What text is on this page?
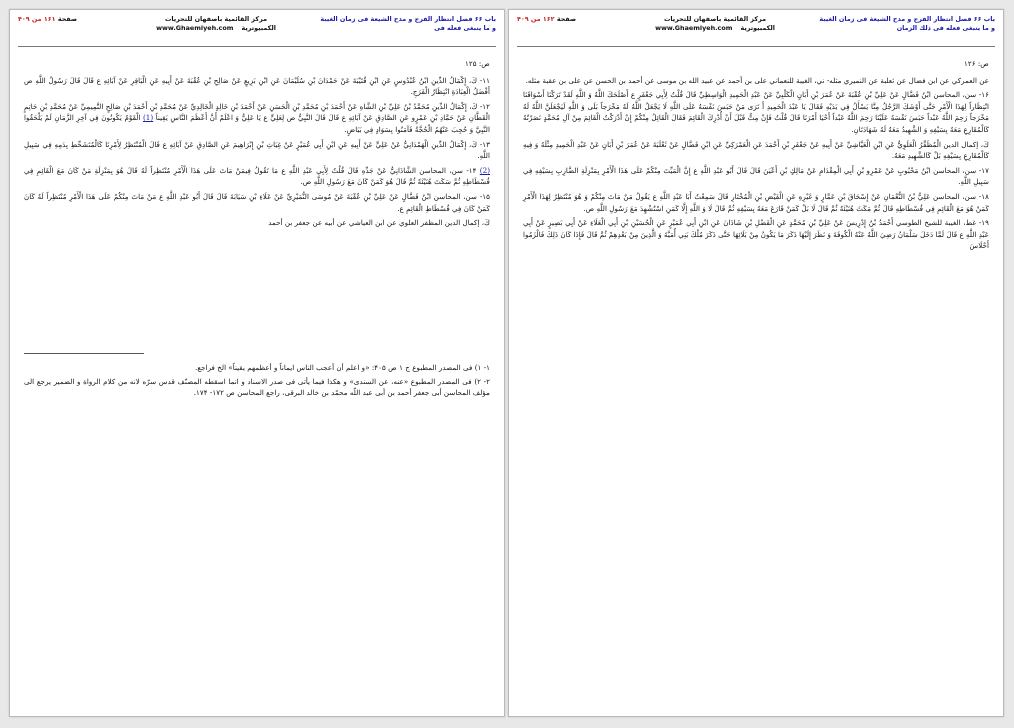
باب ۶۶ فصل انتظار الفرج و مدح الشيعة فى زمان الغيبة و ما ينبغى فعله فى
مركز القائمية باصفهان للتحريات
الكمبيوترية www.Ghaemiyeh.com
صفحة ۱۶۱ من ۴۰۹

ص: ۱۲۵

۱۱- كَ، إِكْمَالُ الدِّينِ ابْنُ عُبْدُوسٍ عَنِ ابْنِ قُتَيْبَةَ عَنْ حَمْدَانَ بْنِ سُلَيْمَانَ عَنِ ابْنِ بَزِيعٍ عَنْ صَالِحِ بْنِ عُقْبَةَ عَنْ أَبِيهِ عَنِ الْبَاقِرِ عَنْ آبَائِهِ ع قَالَ قَالَ رَسُولُ اللَّهِ ص أَفْضَلُ الْعِبَادَةِ انْتِظَارُ الْفَرَجِ.

۱۲- كَ، إِكْمَالُ الدِّينِ مُحَمَّدُ بْنُ عَلِيِّ بْنِ الشَّاهِ عَنْ أَحْمَدَ بْنِ مُحَمَّدِ بْنِ الْحَسَنِ عَنْ أَحْمَدَ بْنِ خَالِدٍ الْخَالِدِيِّ عَنْ مُحَمَّدِ بْنِ أَحْمَدَ بْنِ صَالِحٍ التَّمِيمِيِّ عَنْ مُحَمَّدِ بْنِ حَاتِمٍ الْقَطَّانِ عَنْ حَمَّادِ بْنِ عَمْرٍو عَنِ الصَّادِقِ عَنْ آبَائِهِ ع قَالَ قَالَ النَّبِيُّ ص لِعَلِيٍّ ع يَا عَلِيُّ وَ اعْلَمْ أَنَّ أَعْظَمَ النَّاسِ يَقِيناً (1) الْقَوْمُ يَكُونُونَ فِي آخِرِ الزَّمَانِ لَمْ يَلْحَقُوا النَّبِيَّ وَ حُجِبَ عَنْهُمُ الْحُجَّةُ فَآمَنُوا بِسَوَادٍ فِي بَيَاضٍ.

۱۳- كَ، إِكْمَالُ الدِّينِ الْهَمْدَانِيُّ عَنْ عَلِيٍّ عَنْ أَبِيهِ عَنِ ابْنِ أَبِي عُمَيْرٍ عَنْ غِيَاثِ بْنِ إِبْرَاهِيمَ عَنِ الصَّادِقِ عَنْ آبَائِهِ ع قَالَ الْمُنْتَظِرُ لِأَمْرِنَا كَالْمُتَشَحِّطِ بِدَمِهِ فِي سَبِيلِ اللَّهِ.

(2) ۱۴- سن، المحاسن الشَّاذَانِيُّ عَنْ جَدِّهِ قَالَ قُلْتُ لِأَبِي عَبْدِ اللَّهِ ع مَا تَقُولُ فِيمَنْ مَاتَ عَلَى هَذَا الْأَمْرِ مُنْتَظِراً لَهُ قَالَ هُوَ بِمَنْزِلَةِ مَنْ كَانَ مَعَ الْقَائِمِ فِي فُسْطَاطِهِ ثُمَّ سَكَتَ هُنَيْئَةً ثُمَّ قَالَ هُوَ كَمَنْ كَانَ مَعَ رَسُولِ اللَّهِ ص.

۱۵- سن، المحاسن ابْنُ فَضَّالٍ عَنْ عَلِيِّ بْنِ عُقْبَةَ عَنْ مُوسَى النُّمَيْرِيِّ عَنْ عَلَاءِ بْنِ سَيَابَةَ قَالَ قَالَ أَبُو عَبْدِ اللَّهِ ع مَنْ مَاتَ مِنْكُمْ عَلَى هَذَا الْأَمْرِ مُنْتَظِراً لَهُ كَانَ كَمَنْ كَانَ فِي فُسْطَاطِ الْقَائِمِ ع.

كَ، إكمال الدين المظفر العلوي عن ابن العياشي عن أبيه عن جعفر بن أحمد

۱- ۱) فى المصدر المطبوع ج ۱ ص ۴۰۵: «و اعلم أن أعجب الناس ايماناً و أعظمهم يقيناً» الخ فراجع.

۲- ۲) فى المصدر المطبوع «عنه، عن السندى» و هكذا فيما يأتى فى صدر الاسناد و انما اسقطه المصنّف قدس سرّه لانه من كلام الرواة و الضمير يرجع الى مؤلف المحاسن أبى جعفر أحمد بن أبى عبد اللّه محمّد بن خالد البرقى، راجع المحاسن ص ۱۷۲- ۱۷۴.

باب ۶۶ فصل انتظار الفرج و مدح الشيعة فى زمان الغيبة و ما ينبغى فعله فى ذلك الزمان
مركز القائمية باصفهان للتحريات
الكمبيوترية www.Ghaemiyeh.com
صفحة ۱۶۲ من ۴۰۹

ص: ۱۲۶

عن العمركي عن ابن فضال عن ثعلبة عن النميري مثله- ني، الغيبة للنعماني على بن أحمد عن عبيد الله بن موسى عن أحمد بن الحسن عن على بن عقبة مثله.

۱۶- سن، المحاسن ابْنُ فَضَّالٍ عَنْ عَلِيِّ بْنِ عُقْبَةَ عَنْ عُمَرَ بْنِ أَبَانٍ الْكَلْبِيِّ عَنْ عَبْدِ الْحَمِيدِ الْوَاسِطِيِّ قَالَ قُلْتُ لِأَبِي جَعْفَرٍ ع أَصْلَحَكَ اللَّهُ وَ اللَّهِ لَقَدْ تَرَكْنَا أَسْوَاقَنَا انْتِظَاراً لِهَذَا الْأَمْرِ حَتَّى أَوْشَكَ الرَّجُلُ مِنَّا يَسْأَلُ فِي يَدَيْهِ فَقَالَ يَا عَبْدَ الْحَمِيدِ أَ تَرَى مَنْ حَبَسَ نَفْسَهُ عَلَى اللَّهِ لَا يَجْعَلُ اللَّهُ لَهُ مَخْرَجاً بَلَى وَ اللَّهِ لَيَجْعَلَنَّ اللَّهُ لَهُ مَخْرَجاً رَحِمَ اللَّهُ عَبْداً حَبَسَ نَفْسَهُ عَلَيْنَا رَحِمَ اللَّهُ عَبْداً أَحْيَا أَمْرَنَا قَالَ قُلْتُ فَإِنْ مِتُّ قَبْلَ أَنْ أُدْرِكَ الْقَائِمَ فَقَالَ الْقَائِلُ مِنْكُمْ إِنْ أَدْرَكْتُ الْقَائِمَ مِنْ آلِ مُحَمَّدٍ نَصَرْتُهُ كَالْمُقَارِعِ مَعَهُ بِسَيْفِهِ وَ الشَّهِيدُ مَعَهُ لَهُ شَهَادَتَانِ.

كَ، إكمال الدين الْمُظَفَّرُ الْعَلَوِيُّ عَنِ ابْنِ الْعَيَّاشِيِّ عَنْ أَبِيهِ عَنْ جَعْفَرِ بْنِ أَحْمَدَ عَنِ الْعَمْرَكِيِّ عَنِ ابْنِ فَضَّالٍ عَنْ ثَعْلَبَةَ عَنْ عُمَرَ بْنِ أَبَانٍ عَنْ عَبْدِ الْحَمِيدِ مِثْلَهُ وَ فِيهِ كَالْمُقَارِعِ بِسَيْفِهِ بَلْ كَالشَّهِيدِ مَعَهُ.

۱۷- سن، المحاسن ابْنُ مَحْبُوبٍ عَنْ عَمْرِو بْنِ أَبِي الْمِقْدَامِ عَنْ مَالِكٍ بْنِ أَعْيَنَ قَالَ قَالَ أَبُو عَبْدِ اللَّهِ ع إِنَّ الْمَيِّتَ مِنْكُمْ عَلَى هَذَا الْأَمْرِ بِمَنْزِلَةِ الضَّارِبِ بِسَيْفِهِ فِي سَبِيلِ اللَّهِ.

۱۸- سن، المحاسن عَلِيُّ بْنُ النُّعْمَانِ عَنْ إِسْحَاقَ بْنِ عَمَّارٍ وَ غَيْرِهِ عَنِ الْفَيْضِ بْنِ الْمُخْتَارِ قَالَ سَمِعْتُ أَبَا عَبْدِ اللَّهِ ع يَقُولُ مَنْ مَاتَ مِنْكُمْ وَ هُوَ مُنْتَظِرٌ لِهَذَا الْأَمْرِ كَمَنْ هُوَ مَعَ الْقَائِمِ فِي فُسْطَاطِهِ قَالَ ثُمَّ مَكَثَ هُنَيْئَةً ثُمَّ قَالَ لَا بَلْ كَمَنْ قَارَعَ مَعَهُ بِسَيْفِهِ ثُمَّ قَالَ لَا وَ اللَّهِ إِلَّا كَمَنِ اسْتُشْهِدَ مَعَ رَسُولِ اللَّهِ ص.

۱۹- غط، الغيبة للشيخ الطوسي أَحْمَدُ بْنُ إِدْرِيسَ عَنْ عَلِيِّ بْنِ مُحَمَّدٍ عَنِ الْفَضْلِ بْنِ شَاذَانَ عَنِ ابْنِ أَبِي عُمَيْرٍ عَنِ الْحُسَيْنِ بْنِ أَبِي الْعَلَاءِ عَنْ أَبِي بَصِيرٍ عَنْ أَبِي عَبْدِ اللَّهِ ع قَالَ لَمَّا دَخَلَ سَلْمَانُ رَضِيَ اللَّهُ عَنْهُ الْكُوفَةَ وَ نَظَرَ إِلَيْهَا ذَكَرَ مَا يَكُونُ مِنْ بَلَائِهَا حَتَّى ذَكَرَ مُلْكَ بَنِي أُمَيَّةَ وَ الَّذِينَ مِنْ بَعْدِهِمْ ثُمَّ قَالَ فَإِذَا كَانَ ذَلِكَ فَالْزَمُوا أَحْلَاسَ
